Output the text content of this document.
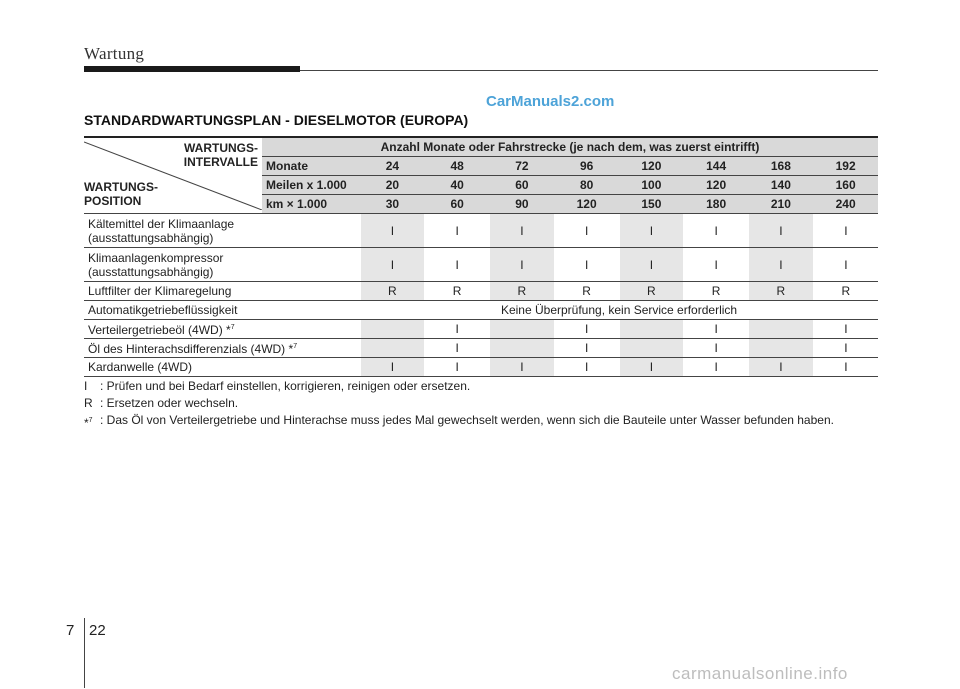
Wartung
CarManuals2.com
STANDARDWARTUNGSPLAN - DIESELMOTOR (EUROPA)
WARTUNGS-
INTERVALLE
WARTUNGS-
POSITION	Anzahl Monate oder Fahrstrecke (je nach dem, was zuerst eintrifft)								
	Monate	24	48	72	96	120	144	168	192
	Meilen x 1.000	20	40	60	80	100	120	140	160
	km × 1.000	30	60	90	120	150	180	210	240

Kältemittel der Klimaanlage
(ausstattungsabhängig)		I	I	I	I	I	I	I	I

Klimaanlagenkompressor
(ausstattungsabhängig)		I	I	I	I	I	I	I	I

Luftfilter der Klimaregelung		R	R	R	R	R	R	R	R

Automatikgetriebeflüssigkeit		Keine Überprüfung, kein Service erforderlich							

Verteilergetriebeöl (4WD) *$^7$			I		I		I		I

Öl des Hinterachsdifferenzials (4WD) *$^7$			I		I		I		I

Kardanwelle (4WD)		I	I	I	I	I	I	I	I
I	: Prüfen und bei Bedarf einstellen, korrigieren, reinigen oder ersetzen.
R : Ersetzen oder wechseln.
*$^7$ : Das Öl von Verteilergetriebe und Hinterachse muss jedes Mal gewechselt werden, wenn sich die Bauteile unter Wasser befunden haben.
7 22
carmanualsonline.info
